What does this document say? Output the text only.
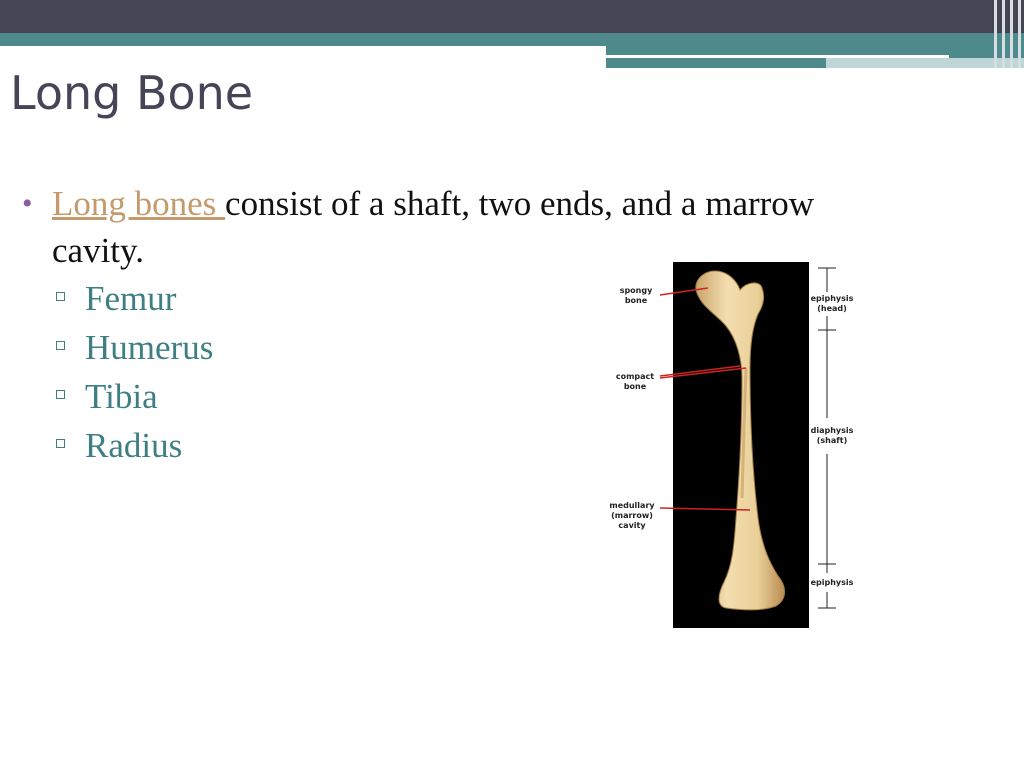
Long Bone
• Long bones consist of a shaft, two ends, and a marrow cavity.
Femur
Humerus
Tibia
Radius
spongy
bone
compact
bone
medullary
(marrow)
cavity
epiphysis
(head)
diaphysis
(shaft)
epiphysis
